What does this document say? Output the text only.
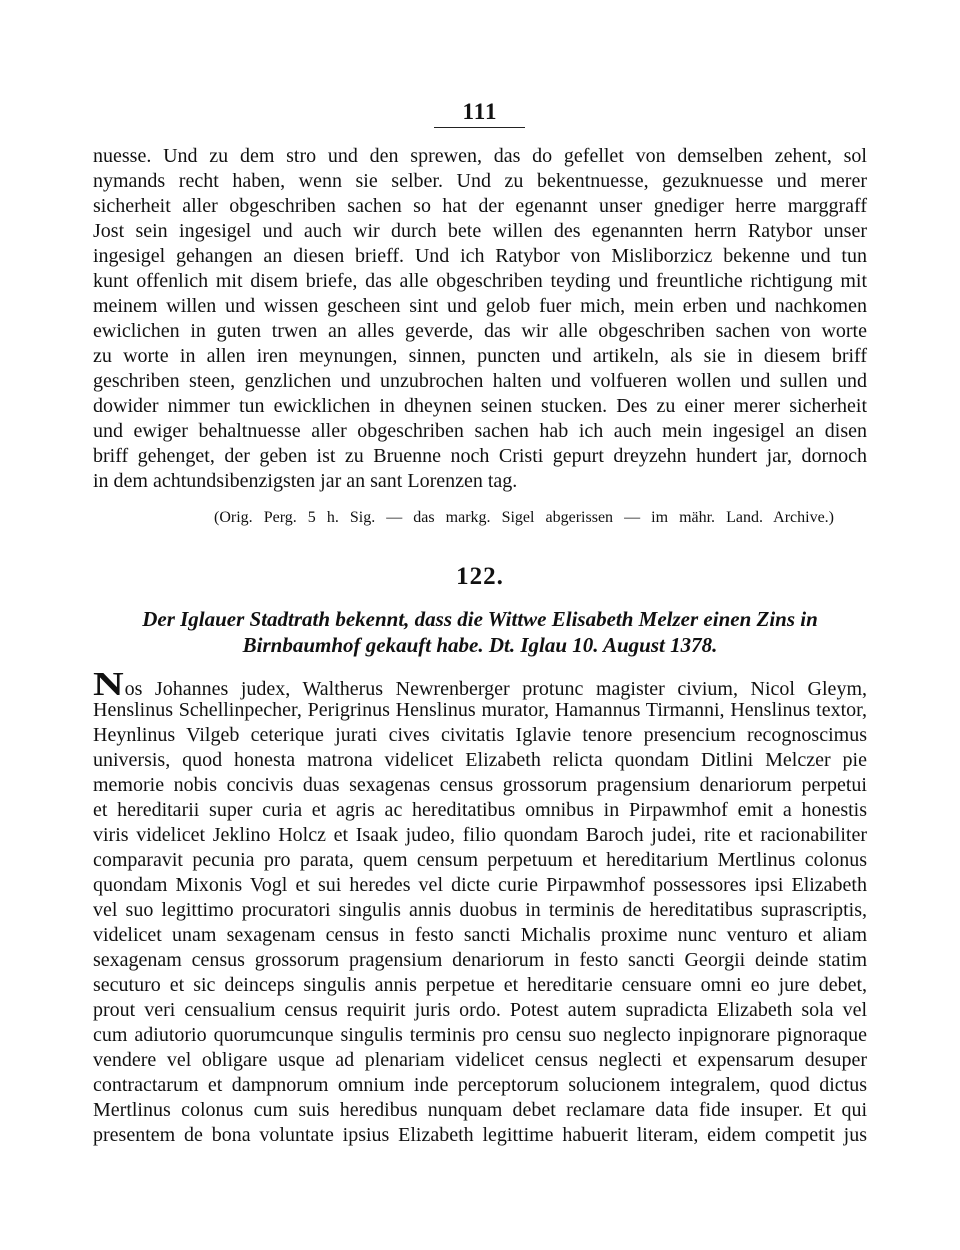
111
nuesse. Und zu dem stro und den sprewen, das do gefellet von demselben zehent, sol
nymands recht haben, wenn sie selber. Und zu bekentnuesse, gezuknuesse und merer
sicherheit aller obgeschriben sachen so hat der egenannt unser gnediger herre marggraff
Jost sein ingesigel und auch wir durch bete willen des egenannten herrn Ratybor unser
ingesigel gehangen an diesen brieff. Und ich Ratybor von Misliborzicz bekenne und tun
kunt offenlich mit disem briefe, das alle obgeschriben teyding und freuntliche richtigung mit
meinem willen und wissen gescheen sint und gelob fuer mich, mein erben und nachkomen
ewiclichen in guten trwen an alles geverde, das wir alle obgeschriben sachen von worte
zu worte in allen iren meynungen, sinnen, puncten und artikeln, als sie in diesem briff
geschriben steen, genzlichen und unzubrochen halten und volfueren wollen und sullen und
dowider nimmer tun ewicklichen in dheynen seinen stucken. Des zu einer merer sicherheit
und ewiger behaltnuesse aller obgeschriben sachen hab ich auch mein ingesigel an disen
briff gehenget, der geben ist zu Bruenne noch Cristi gepurt dreyzehn hundert jar, dornoch
in dem achtundsibenzigsten jar an sant Lorenzen tag.
(Orig. Perg. 5 h. Sig. — das markg. Sigel abgerissen — im mähr. Land. Archive.)
122.
Der Iglauer Stadtrath bekennt, dass die Wittwe Elisabeth Melzer einen Zins in
Birnbaumhof gekauft habe. Dt. Iglau 10. August 1378.
Nos Johannes judex, Waltherus Newrenberger protunc magister civium, Nicol Gleym,
Henslinus Schellinpecher, Perigrinus Henslinus murator, Hamannus Tirmanni, Henslinus textor,
Heynlinus Vilgeb ceterique jurati cives civitatis Iglavie tenore presencium recognoscimus
universis, quod honesta matrona videlicet Elizabeth relicta quondam Ditlini Melczer pie
memorie nobis concivis duas sexagenas census grossorum pragensium denariorum perpetui
et hereditarii super curia et agris ac hereditatibus omnibus in Pirpawmhof emit a honestis
viris videlicet Jeklino Holcz et Isaak judeo, filio quondam Baroch judei, rite et racionabiliter
comparavit pecunia pro parata, quem censum perpetuum et hereditarium Mertlinus colonus
quondam Mixonis Vogl et sui heredes vel dicte curie Pirpawmhof possessores ipsi Elizabeth
vel suo legittimo procuratori singulis annis duobus in terminis de hereditatibus suprascriptis,
videlicet unam sexagenam census in festo sancti Michalis proxime nunc venturo et aliam
sexagenam census grossorum pragensium denariorum in festo sancti Georgii deinde statim
secuturo et sic deinceps singulis annis perpetue et hereditarie censuare omni eo jure debet,
prout veri censualium census requirit juris ordo. Potest autem supradicta Elizabeth sola vel
cum adiutorio quorumcunque singulis terminis pro censu suo neglecto inpignorare pignoraque
vendere vel obligare usque ad plenariam videlicet census neglecti et expensarum desuper
contractarum et dampnorum omnium inde perceptorum solucionem integralem, quod dictus
Mertlinus colonus cum suis heredibus nunquam debet reclamare data fide insuper. Et qui
presentem de bona voluntate ipsius Elizabeth legittime habuerit literam, eidem competit jus
